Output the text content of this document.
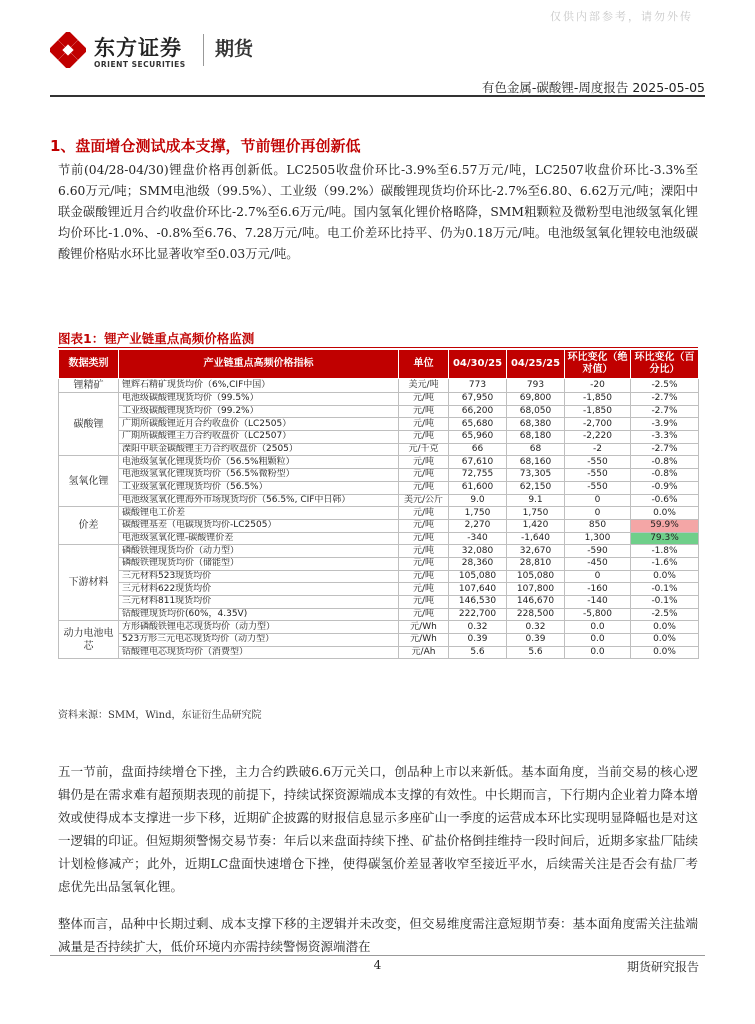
仅供内部参考，请勿外传
东方证券
ORIENT SECURITIES
期货
有色金属-碳酸锂-周度报告 2025-05-05
1、盘面增仓测试成本支撑，节前锂价再创新低
节前(04/28-04/30)锂盘价格再创新低。LC2505收盘价环比-3.9%至6.57万元/吨，LC2507收盘价环比-3.3%至6.60万元/吨；SMM电池级（99.5%）、工业级（99.2%）碳酸锂现货均价环比-2.7%至6.80、6.62万元/吨；溧阳中联金碳酸锂近月合约收盘价环比-2.7%至6.6万元/吨。国内氢氧化锂价格略降，SMM粗颗粒及微粉型电池级氢氧化锂均价环比-1.0%、-0.8%至6.76、7.28万元/吨。电工价差环比持平、仍为0.18万元/吨。电池级氢氧化锂较电池级碳酸锂价格贴水环比显著收窄至0.03万元/吨。
图表1：锂产业链重点高频价格监测
数据类别	产业链重点高频价格指标	单位	04/30/25	04/25/25	环比变化（绝对值）	环比变化（百分比）
锂精矿	锂辉石精矿现货均价（6%,CIF中国）	美元/吨	773	793	-20	-2.5%
碳酸锂	电池级碳酸锂现货均价（99.5%）	元/吨	67,950	69,800	-1,850	-2.7%
	工业级碳酸锂现货均价（99.2%）	元/吨	66,200	68,050	-1,850	-2.7%
	广期所碳酸锂近月合约收盘价（LC2505）	元/吨	65,680	68,380	-2,700	-3.9%
	广期所碳酸锂主力合约收盘价（LC2507）	元/吨	65,960	68,180	-2,220	-3.3%
	溧阳中联金碳酸锂主力合约收盘价（2505）	元/千克	66	68	-2	-2.7%
氢氧化锂	电池级氢氧化锂现货均价（56.5%粗颗粒）	元/吨	67,610	68,160	-550	-0.8%
	电池级氢氧化锂现货均价（56.5%微粉型）	元/吨	72,755	73,305	-550	-0.8%
	工业级氢氧化锂现货均价（56.5%）	元/吨	61,600	62,150	-550	-0.9%
	电池级氢氧化锂海外市场现货均价（56.5%, CIF中日韩）	美元/公斤	9.0	9.1	0	-0.6%
价差	碳酸锂电工价差	元/吨	1,750	1,750	0	0.0%
	碳酸锂基差（电碳现货均价-LC2505）	元/吨	2,270	1,420	850	59.9%
	电池级氢氧化锂-碳酸锂价差	元/吨	-340	-1,640	1,300	79.3%
下游材料	磷酸铁锂现货均价（动力型）	元/吨	32,080	32,670	-590	-1.8%
	磷酸铁锂现货均价（储能型）	元/吨	28,360	28,810	-450	-1.6%
	三元材料523现货均价	元/吨	105,080	105,080	0	0.0%
	三元材料622现货均价	元/吨	107,640	107,800	-160	-0.1%
	三元材料811现货均价	元/吨	146,530	146,670	-140	-0.1%
	钴酸锂现货均价(60%，4.35V)	元/吨	222,700	228,500	-5,800	-2.5%
动力电池电芯	方形磷酸铁锂电芯现货均价（动力型）	元/Wh	0.32	0.32	0.0	0.0%
	523方形三元电芯现货均价（动力型）	元/Wh	0.39	0.39	0.0	0.0%
	钴酸锂电芯现货均价（消费型）	元/Ah	5.6	5.6	0.0	0.0%
资料来源：SMM，Wind，东证衍生品研究院
五一节前，盘面持续增仓下挫，主力合约跌破6.6万元关口，创品种上市以来新低。基本面角度，当前交易的核心逻辑仍是在需求难有超预期表现的前提下，持续试探资源端成本支撑的有效性。中长期而言，下行期内企业着力降本增效或使得成本支撑进一步下移，近期矿企披露的财报信息显示多座矿山一季度的运营成本环比实现明显降幅也是对这一逻辑的印证。但短期须警惕交易节奏：年后以来盘面持续下挫、矿盐价格倒挂维持一段时间后，近期多家盐厂陆续计划检修减产；此外，近期LC盘面快速增仓下挫，使得碳氢价差显著收窄至接近平水，后续需关注是否会有盐厂考虑优先出品氢氧化锂。
整体而言，品种中长期过剩、成本支撑下移的主逻辑并未改变，但交易维度需注意短期节奏：基本面角度需关注盐端减量是否持续扩大，低价环境内亦需持续警惕资源端潜在
4	期货研究报告
